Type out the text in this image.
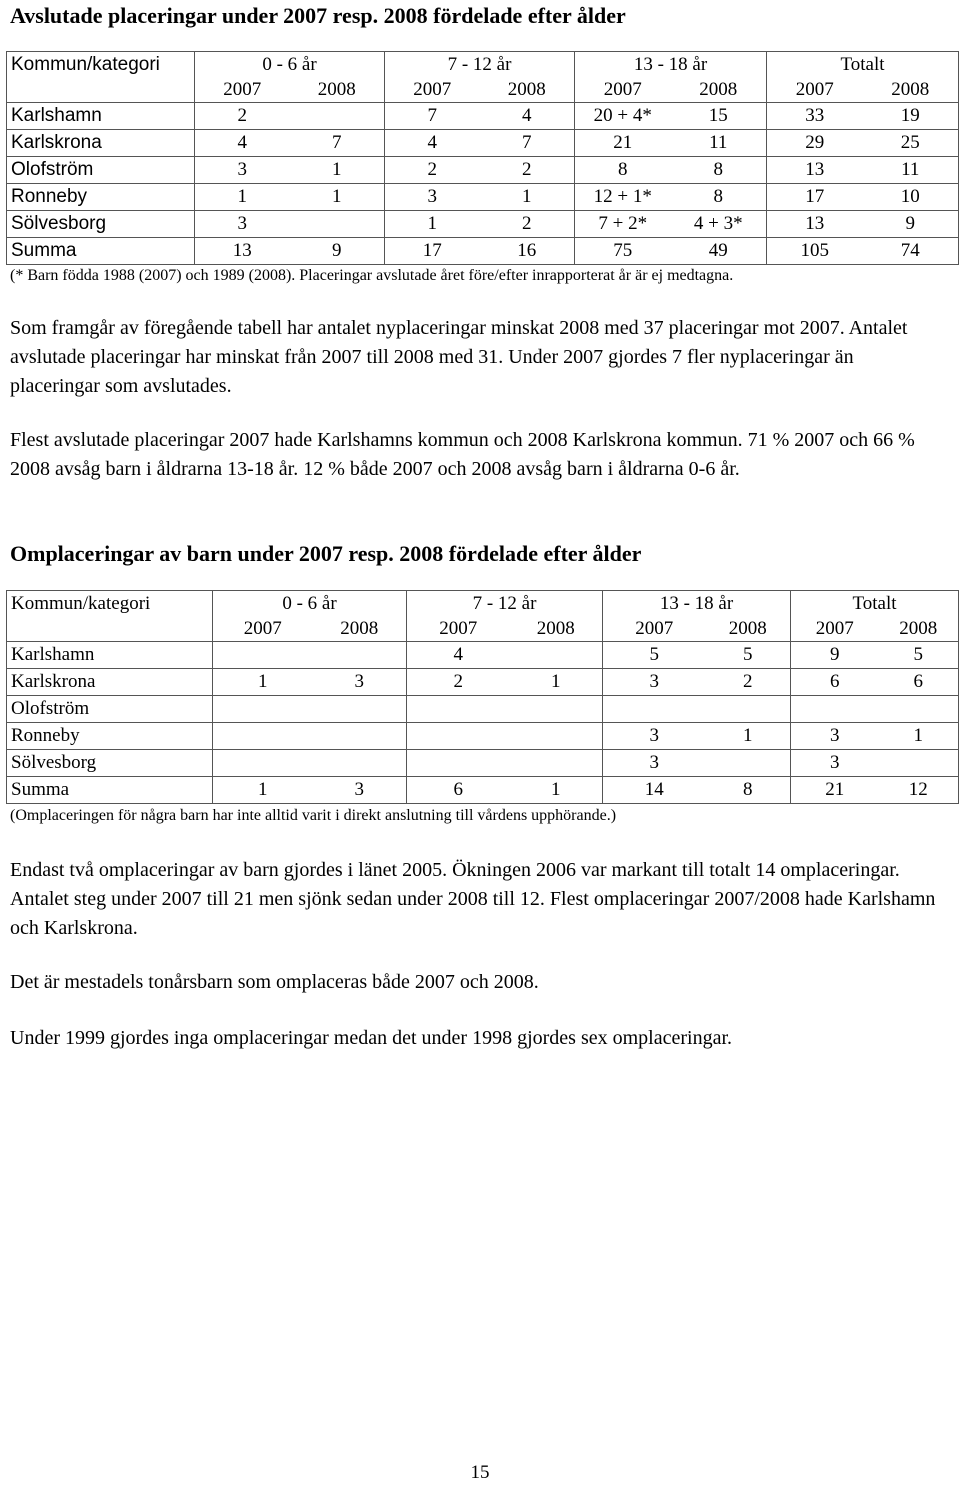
Avslutade placeringar under 2007 resp. 2008 fördelade efter ålder
Kommun/kategori	0 - 6 år		7 - 12 år		13 - 18 år		Totalt	
	2007	2008	2007	2008	2007	2008	2007	2008
Karlshamn	2		7	4	20 + 4*	15	33	19
Karlskrona	4	7	4	7	21	11	29	25
Olofström	3	1	2	2	8	8	13	11
Ronneby	1	1	3	1	12 + 1*	8	17	10
Sölvesborg	3		1	2	7 + 2*	4 + 3*	13	9
Summa	13	9	17	16	75	49	105	74
(* Barn födda 1988 (2007) och 1989 (2008). Placeringar avslutade året före/efter inrapporterat år är ej medtagna.

Som framgår av föregående tabell har antalet nyplaceringar minskat 2008 med 37 placeringar mot 2007. Antalet avslutade placeringar har minskat från 2007 till 2008 med 31. Under 2007 gjordes 7 fler nyplaceringar än placeringar som avslutades.

Flest avslutade placeringar 2007 hade Karlshamns kommun och 2008 Karlskrona kommun. 71 % 2007 och 66 % 2008 avsåg barn i åldrarna 13-18 år. 12 % både 2007 och 2008 avsåg barn i åldrarna 0-6 år.

Omplaceringar av barn under 2007 resp. 2008 fördelade efter ålder
Kommun/kategori	0 - 6 år		7 - 12 år		13 - 18 år		Totalt	
	2007	2008	2007	2008	2007	2008	2007	2008
Karlshamn			4		5	5	9	5
Karlskrona	1	3	2	1	3	2	6	6
Olofström								
Ronneby					3	1	3	1
Sölvesborg					3		3	
Summa	1	3	6	1	14	8	21	12
(Omplaceringen för några barn har inte alltid varit i direkt anslutning till vårdens upphörande.)

Endast två omplaceringar av barn gjordes i länet 2005. Ökningen 2006 var markant till totalt 14 omplaceringar. Antalet steg under 2007 till 21 men sjönk sedan under 2008 till 12. Flest omplaceringar 2007/2008 hade Karlshamn och Karlskrona.

Det är mestadels tonårsbarn som omplaceras både 2007 och 2008.

Under 1999 gjordes inga omplaceringar medan det under 1998 gjordes sex omplaceringar.

15
